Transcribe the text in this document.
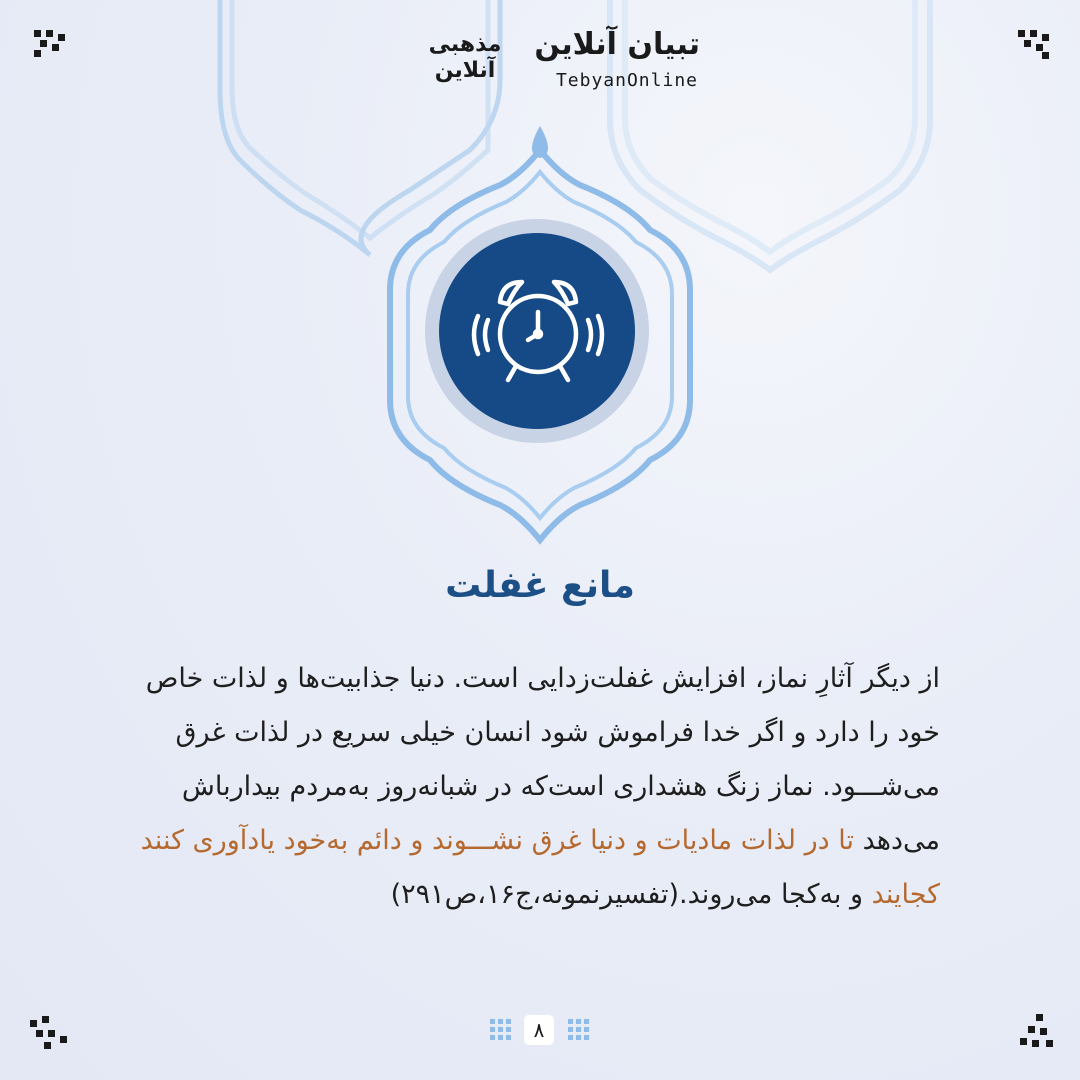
تبیان آنلاین
TebyanOnline
مذهبی
آنلاین
مانع غفلت
از دیگر آثارِ نماز، افزایش غفلت‌زدایی است. دنیا جذابیت‌ها و لذات خاص خود را دارد و اگر خدا فراموش شود انسان خیلی سریع در لذات غرق می‌شـــود. نماز زنگ هشداری است‌که در شبانه‌روز به‌مردم بیدارباش می‌دهد تا در لذات مادیات و دنیا غرق نشـــوند و دائم به‌خود یادآوری کنند کجایند و به‌کجا می‌روند.(تفسیرنمونه،ج۱۶،ص۲۹۱)
۸
